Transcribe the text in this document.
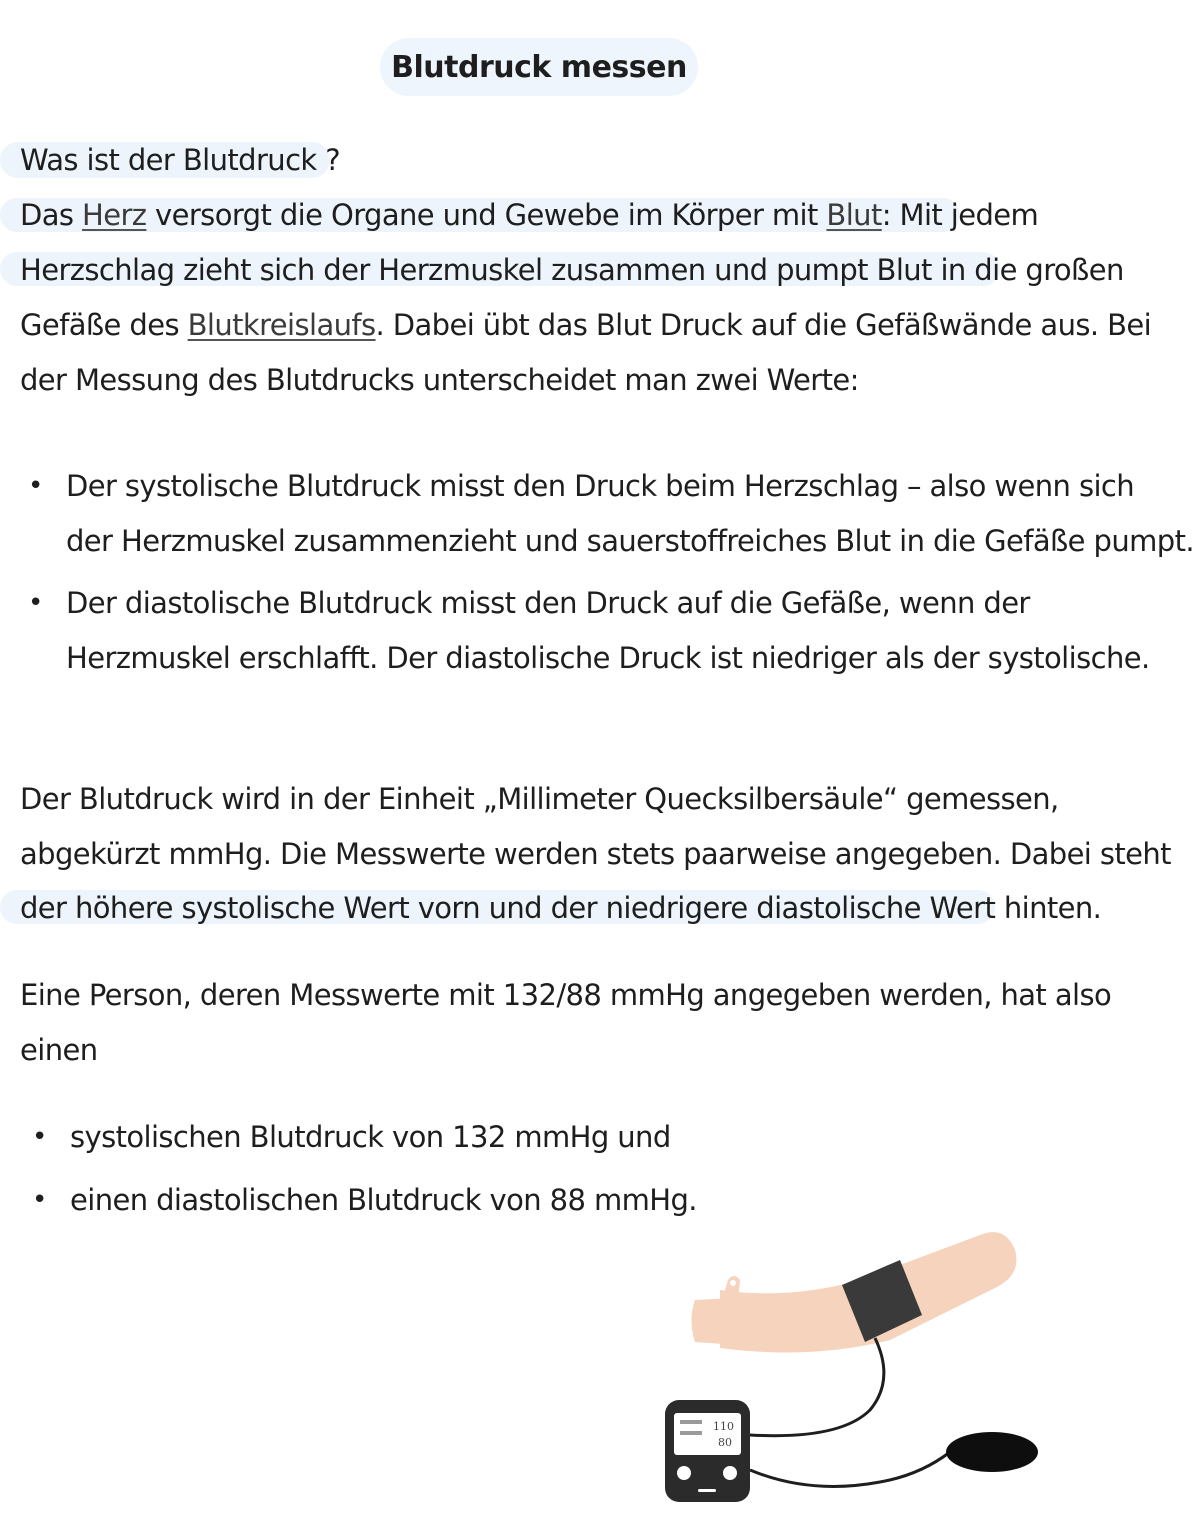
Blutdruck messen
Was ist der Blutdruck ?
Das Herz versorgt die Organe und Gewebe im Körper mit Blut: Mit jedem
Herzschlag zieht sich der Herzmuskel zusammen und pumpt Blut in die großen
Gefäße des Blutkreislaufs. Dabei übt das Blut Druck auf die Gefäßwände aus. Bei
der Messung des Blutdrucks unterscheidet man zwei Werte:
• Der systolische Blutdruck misst den Druck beim Herzschlag – also wenn sich
der Herzmuskel zusammenzieht und sauerstoffreiches Blut in die Gefäße pumpt.
• Der diastolische Blutdruck misst den Druck auf die Gefäße, wenn der
Herzmuskel erschlafft. Der diastolische Druck ist niedriger als der systolische.
Der Blutdruck wird in der Einheit „Millimeter Quecksilbersäule“ gemessen,
abgekürzt mmHg. Die Messwerte werden stets paarweise angegeben. Dabei steht
der höhere systolische Wert vorn und der niedrigere diastolische Wert hinten.
Eine Person, deren Messwerte mit 132/88 mmHg angegeben werden, hat also
einen
• systolischen Blutdruck von 132 mmHg und
• einen diastolischen Blutdruck von 88 mmHg.
110
80
